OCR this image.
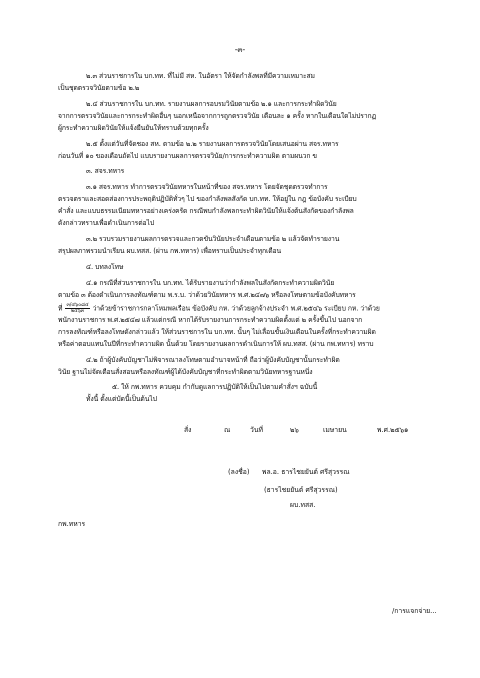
-๓-
๒.๓ ส่วนราชการใน บก.ทท. ที่ไม่มี สห. ในอัตรา ให้จัดกำลังพลที่มีความเหมาะสม
เป็นชุดตรวจวินัยตามข้อ ๒.๒
๒.๔ ส่วนราชการใน บก.ทท. รายงานผลการอบรมวินัยตามข้อ ๒.๑ และการกระทำผิดวินัย
จากการตรวจวินัยและการกระทำผิดอื่นๆ นอกเหนือจากการถูกตรวจวินัย เดือนละ ๑ ครั้ง หากในเดือนใดไม่ปรากฏ
ผู้กระทำความผิดวินัยให้แจ้งยืนยันให้ทราบด้วยทุกครั้ง
๒.๕ ตั้งแต่วันที่จัดชอง สห. ตามข้อ ๒.๒ รายงานผลการตรวจวินัยโดยเสนอผ่าน สจร.ทหาร
ก่อนวันที่ ๑๐ ของเดือนถัดไป แบบรายงานผลการตรวจวินัย/การกระทำความผิด ตามผนวก ข
๓. สจร.ทหาร
๓.๑ สจร.ทหาร ทำการตรวจวินัยทหารในหน้าที่ของ สจร.ทหาร โดยจัดชุดตรวจทำการ
ตรวจตราและสอดส่องการประพฤติปฏิบัติทั่วๆ ไป ของกำลังพลสังกัด บก.ทท. ให้อยู่ใน กฎ ข้อบังคับ ระเบียบ
คำสั่ง และแบบธรรมเนียมทหารอย่างเคร่งครัด กรณีพบกำลังพลกระทำผิดวินัยให้แจ้งต้นสังกัดของกำลังพล
ดังกล่าวทราบเพื่อดำเนินการต่อไป
๓.๒ รวบรวมรายงานผลการตรวจและกวดขันวินัยประจำเดือนตามข้อ ๒ แล้วจัดทำรายงาน
สรุปผลภาพรวมนำเรียน ผบ.ทสส. (ผ่าน กพ.ทหาร) เพื่อทราบเป็นประจำทุกเดือน
๔. บทลงโทษ
๔.๑ กรณีที่ส่วนราชการใน บก.ทท. ได้รับรายงานว่ากำลังพลในสังกัดกระทำความผิดวินัย
ตามข้อ ๓ ต้องดำเนินการลงทัณฑ์ตาม พ.ร.บ. ว่าด้วยวินัยทหาร พ.ศ.๒๔๗๖ หรือลงโทษตามข้อบังคับทหาร
ที่ $\frac{๓/๔๖๐๘๔}{๒๔๖๓}$ ว่าด้วยข้าราชการกลาโหมพลเรือน ข้อบังคับ กห. ว่าด้วยลูกจ้างประจำ พ.ศ.๒๕๔๖ ระเบียบ กห. ว่าด้วย
พนักงานราชการ พ.ศ.๒๕๔๗ แล้วแต่กรณี หากได้รับรายงานการกระทำความผิดตั้งแต่ ๒ ครั้งขึ้นไป นอกจาก
การลงทัณฑ์หรือลงโทษดังกล่าวแล้ว ให้ส่วนราชการใน บก.ทท. นั้นๆ ไม่เลื่อนขั้นเงินเดือนในครั้งที่กระทำความผิด
หรือค่าตอบแทนในปีที่กระทำความผิด นั้นด้วย โดยรายงานผลการดำเนินการให้ ผบ.ทสส. (ผ่าน กพ.ทหาร) ทราบ
๔.๒ ถ้าผู้บังคับบัญชาไม่พิจารณาลงโทษตามอำนาจหน้าที่ ถือว่าผู้บังคับบัญชานั้นกระทำผิด
วินัย ฐานไม่จัดเตือนสั่งสอนหรือลงทัณฑ์ผู้ได้บังคับบัญชาที่กระทำผิดตามวินัยทหารฐานหนึ่ง
๕. ให้ กพ.ทหาร ควบคุม กำกับดูแลการปฏิบัติให้เป็นไปตามคำสั่งฯ ฉบับนี้
ทั้งนี้ ตั้งแต่บัดนี้เป็นต้นไป
สั่ง	ณ	วันที่	๒๖	เมษายน	พ.ศ.๒๕๖๑
(ลงชื่อ) พล.อ. ธารไชยยันต์ ศรีสุวรรณ
(ธารไชยยันต์ ศรีสุวรรณ)
ผบ.ทสส.
กพ.ทหาร
/การแจกจ่าย...
